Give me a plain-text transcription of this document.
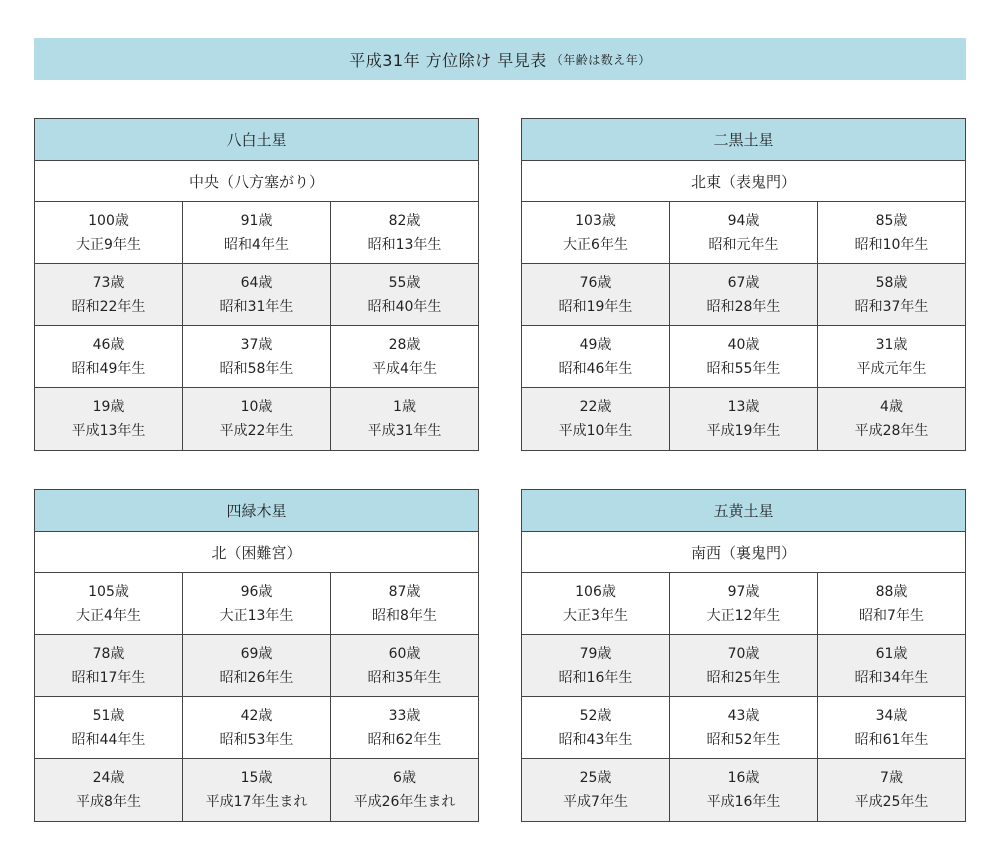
平成31年 方位除け 早見表 （年齢は数え年）
八白土星
中央（八方塞がり）
100歳
大正9年生
91歳
昭和4年生
82歳
昭和13年生
73歳
昭和22年生
64歳
昭和31年生
55歳
昭和40年生
46歳
昭和49年生
37歳
昭和58年生
28歳
平成4年生
19歳
平成13年生
10歳
平成22年生
1歳
平成31年生
二黒土星
北東（表鬼門）
103歳
大正6年生
94歳
昭和元年生
85歳
昭和10年生
76歳
昭和19年生
67歳
昭和28年生
58歳
昭和37年生
49歳
昭和46年生
40歳
昭和55年生
31歳
平成元年生
22歳
平成10年生
13歳
平成19年生
4歳
平成28年生
四緑木星
北（困難宮）
105歳
大正4年生
96歳
大正13年生
87歳
昭和8年生
78歳
昭和17年生
69歳
昭和26年生
60歳
昭和35年生
51歳
昭和44年生
42歳
昭和53年生
33歳
昭和62年生
24歳
平成8年生
15歳
平成17年生まれ
6歳
平成26年生まれ
五黄土星
南西（裏鬼門）
106歳
大正3年生
97歳
大正12年生
88歳
昭和7年生
79歳
昭和16年生
70歳
昭和25年生
61歳
昭和34年生
52歳
昭和43年生
43歳
昭和52年生
34歳
昭和61年生
25歳
平成7年生
16歳
平成16年生
7歳
平成25年生
